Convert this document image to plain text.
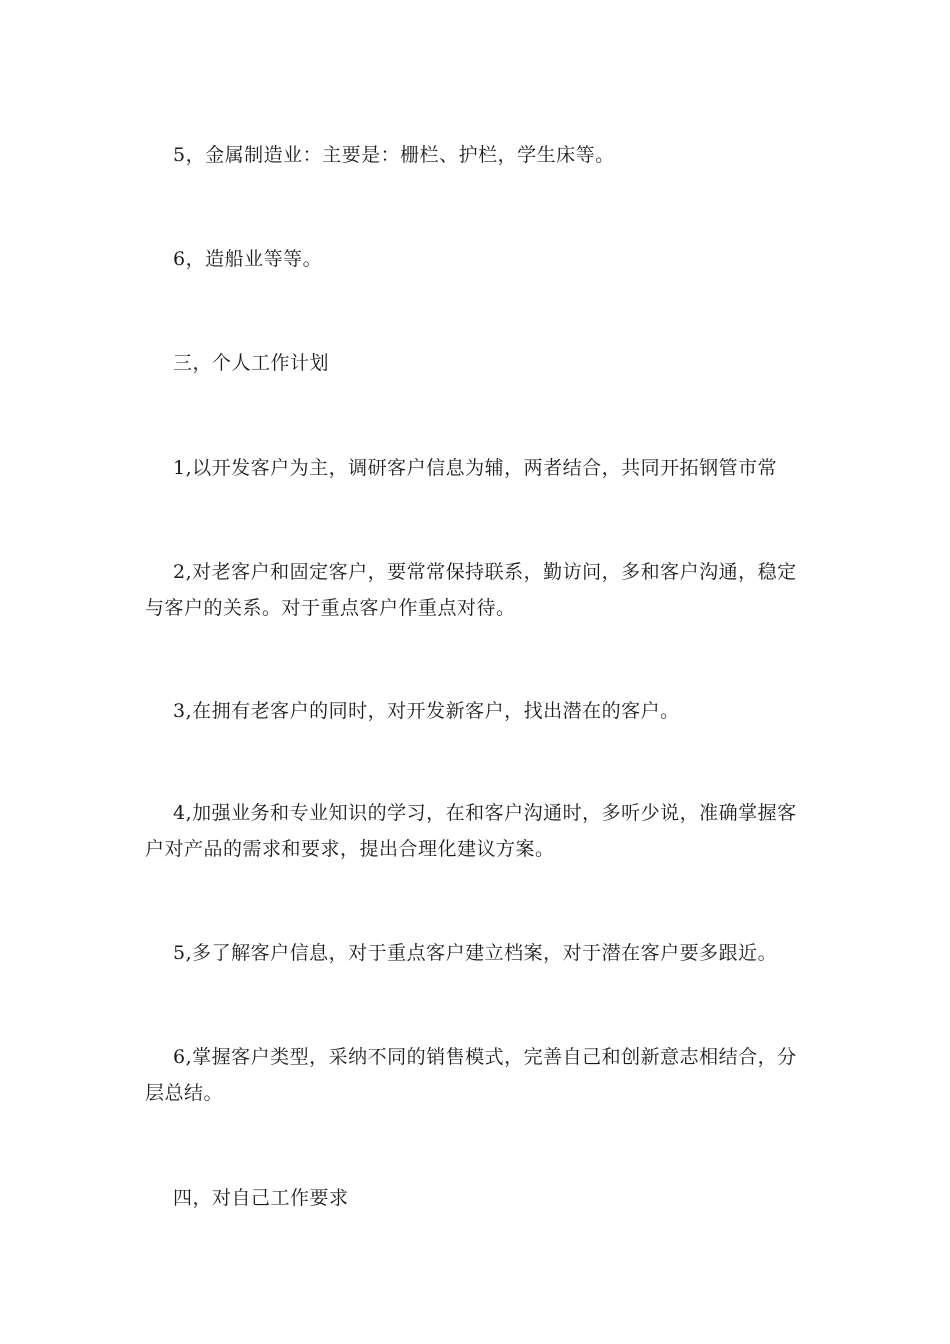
5，金属制造业：主要是：栅栏、护栏，学生床等。

6，造船业等等。

三，个人工作计划

1,以开发客户为主，调研客户信息为辅，两者结合，共同开拓钢管市常

2,对老客户和固定客户，要常常保持联系，勤访问，多和客户沟通，稳定与客户的关系。对于重点客户作重点对待。

3,在拥有老客户的同时，对开发新客户，找出潜在的客户。

4,加强业务和专业知识的学习，在和客户沟通时，多听少说，准确掌握客户对产品的需求和要求，提出合理化建议方案。

5,多了解客户信息，对于重点客户建立档案，对于潜在客户要多跟近。

6,掌握客户类型，采纳不同的销售模式，完善自己和创新意志相结合，分层总结。

四，对自己工作要求
